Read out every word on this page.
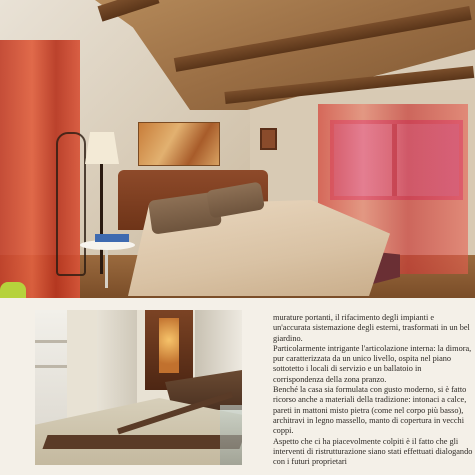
murature portanti, il rifacimento degli impianti e un'accurata sistemazione degli esterni, trasformati in un bel giardino.

Particolarmente intrigante l'articolazione interna: la dimora, pur caratterizzata da un unico livello, ospita nel piano sottotetto i locali di servizio e un ballatoio in corrispondenza della zona pranzo.

Benché la casa sia formulata con gusto moderno, si è fatto ricorso anche a materiali della tradizione: intonaci a calce, pareti in mattoni misto pietra (come nel corpo più basso), architravi in legno massello, manto di copertura in vecchi coppi.

Aspetto che ci ha piacevolmente colpiti è il fatto che gli interventi di ristrutturazione siano stati effettuati dialogando con i futuri proprietari
